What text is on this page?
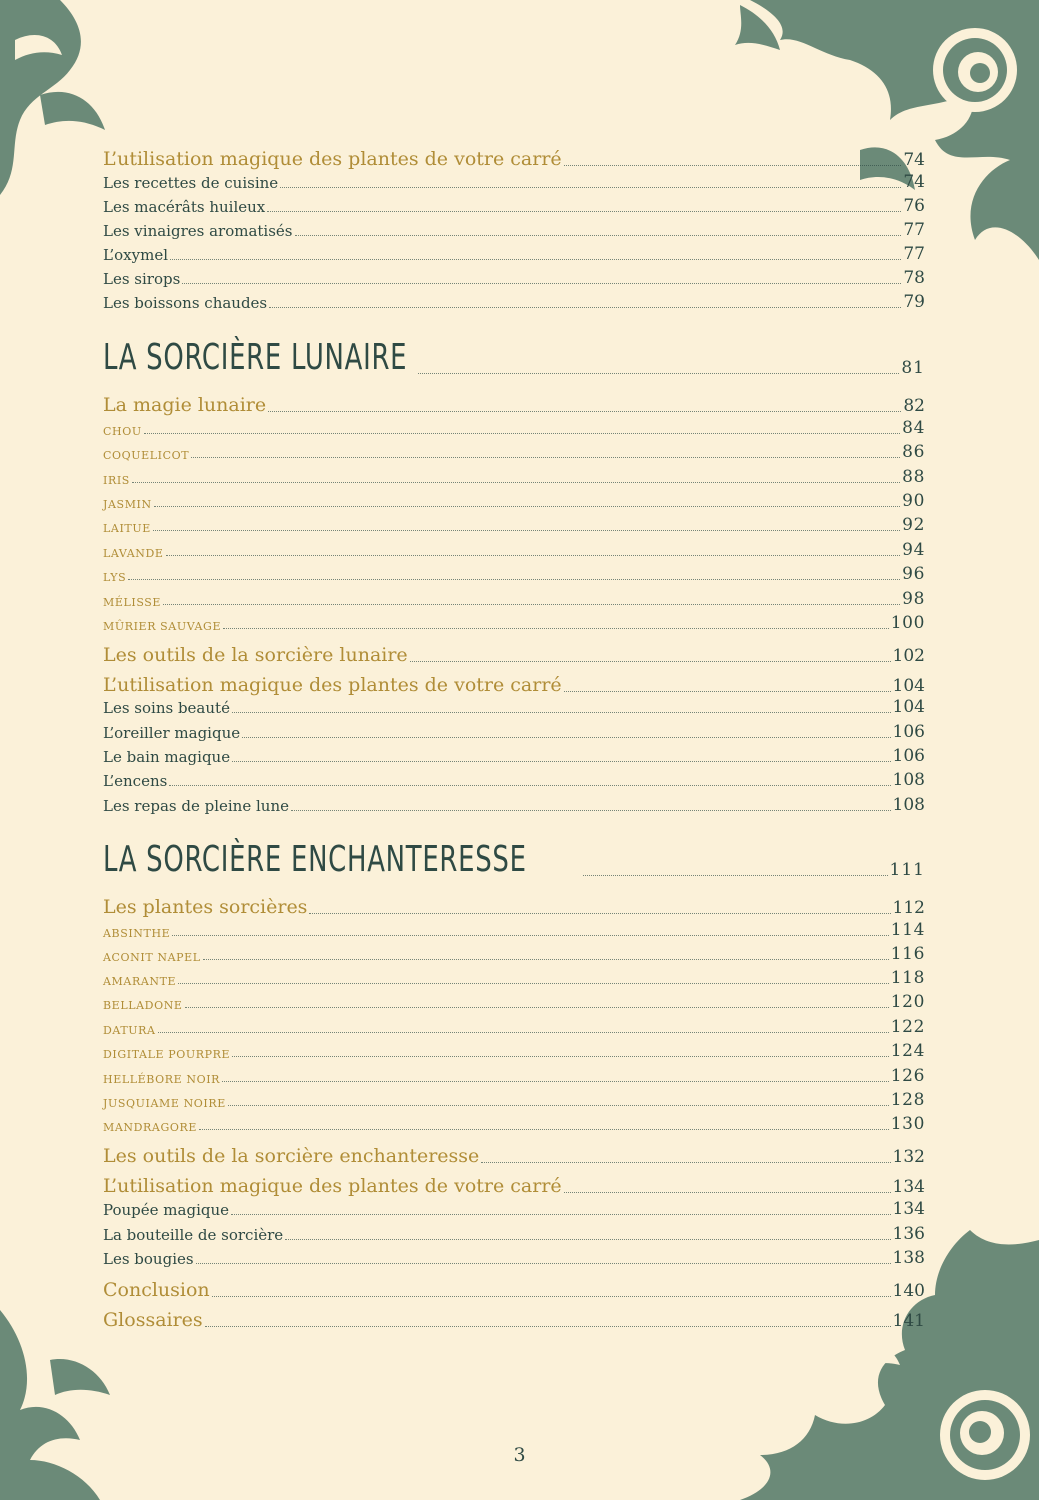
L’utilisation magique des plantes de votre carré	74
Les recettes de cuisine	74
Les macérâts huileux	76
Les vinaigres aromatisés	77
L’oxymel	77
Les sirops	78
Les boissons chaudes	79
LA SORCIÈRE LUNAIRE	81
La magie lunaire	82
CHOU	84
COQUELICOT	86
IRIS	88
JASMIN	90
LAITUE	92
LAVANDE	94
LYS	96
MÉLISSE	98
MÛRIER SAUVAGE	100
Les outils de la sorcière lunaire	102
L’utilisation magique des plantes de votre carré	104
Les soins beauté	104
L’oreiller magique	106
Le bain magique	106
L’encens	108
Les repas de pleine lune	108
LA SORCIÈRE ENCHANTERESSE	111
Les plantes sorcières	112
ABSINTHE	114
ACONIT NAPEL	116
AMARANTE	118
BELLADONE	120
DATURA	122
DIGITALE POURPRE	124
HELLÉBORE NOIR	126
JUSQUIAME NOIRE	128
MANDRAGORE	130
Les outils de la sorcière enchanteresse	132
L’utilisation magique des plantes de votre carré	134
Poupée magique	134
La bouteille de sorcière	136
Les bougies	138
Conclusion	140
Glossaires	141
3
